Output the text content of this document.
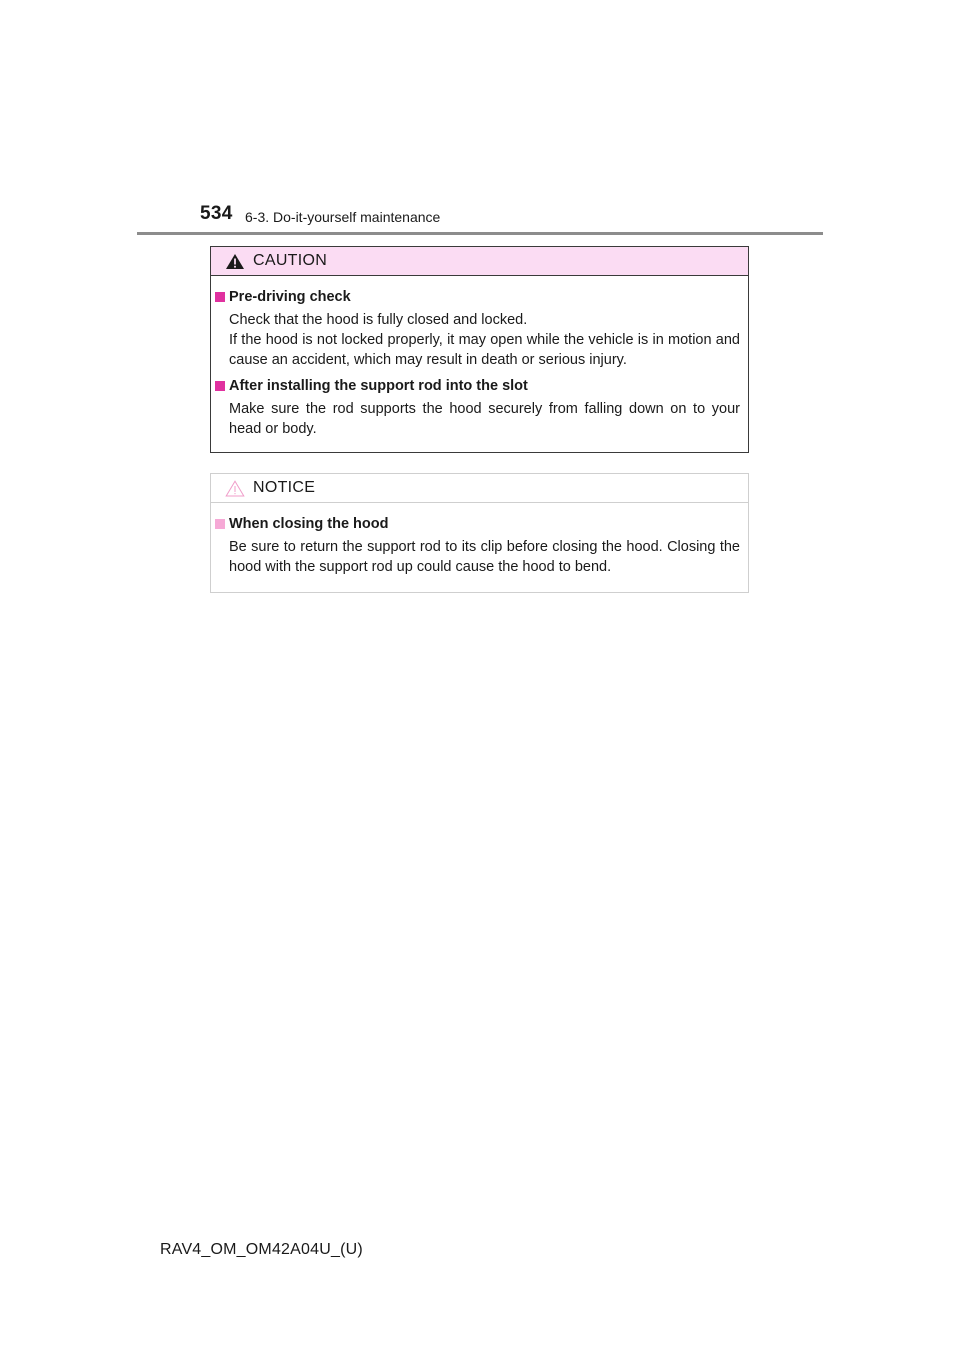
534 6-3. Do-it-yourself maintenance
CAUTION
Pre-driving check
Check that the hood is fully closed and locked.
If the hood is not locked properly, it may open while the vehicle is in motion and cause an accident, which may result in death or serious injury.
After installing the support rod into the slot
Make sure the rod supports the hood securely from falling down on to your head or body.
NOTICE
When closing the hood
Be sure to return the support rod to its clip before closing the hood. Closing the hood with the support rod up could cause the hood to bend.
RAV4_OM_OM42A04U_(U)
